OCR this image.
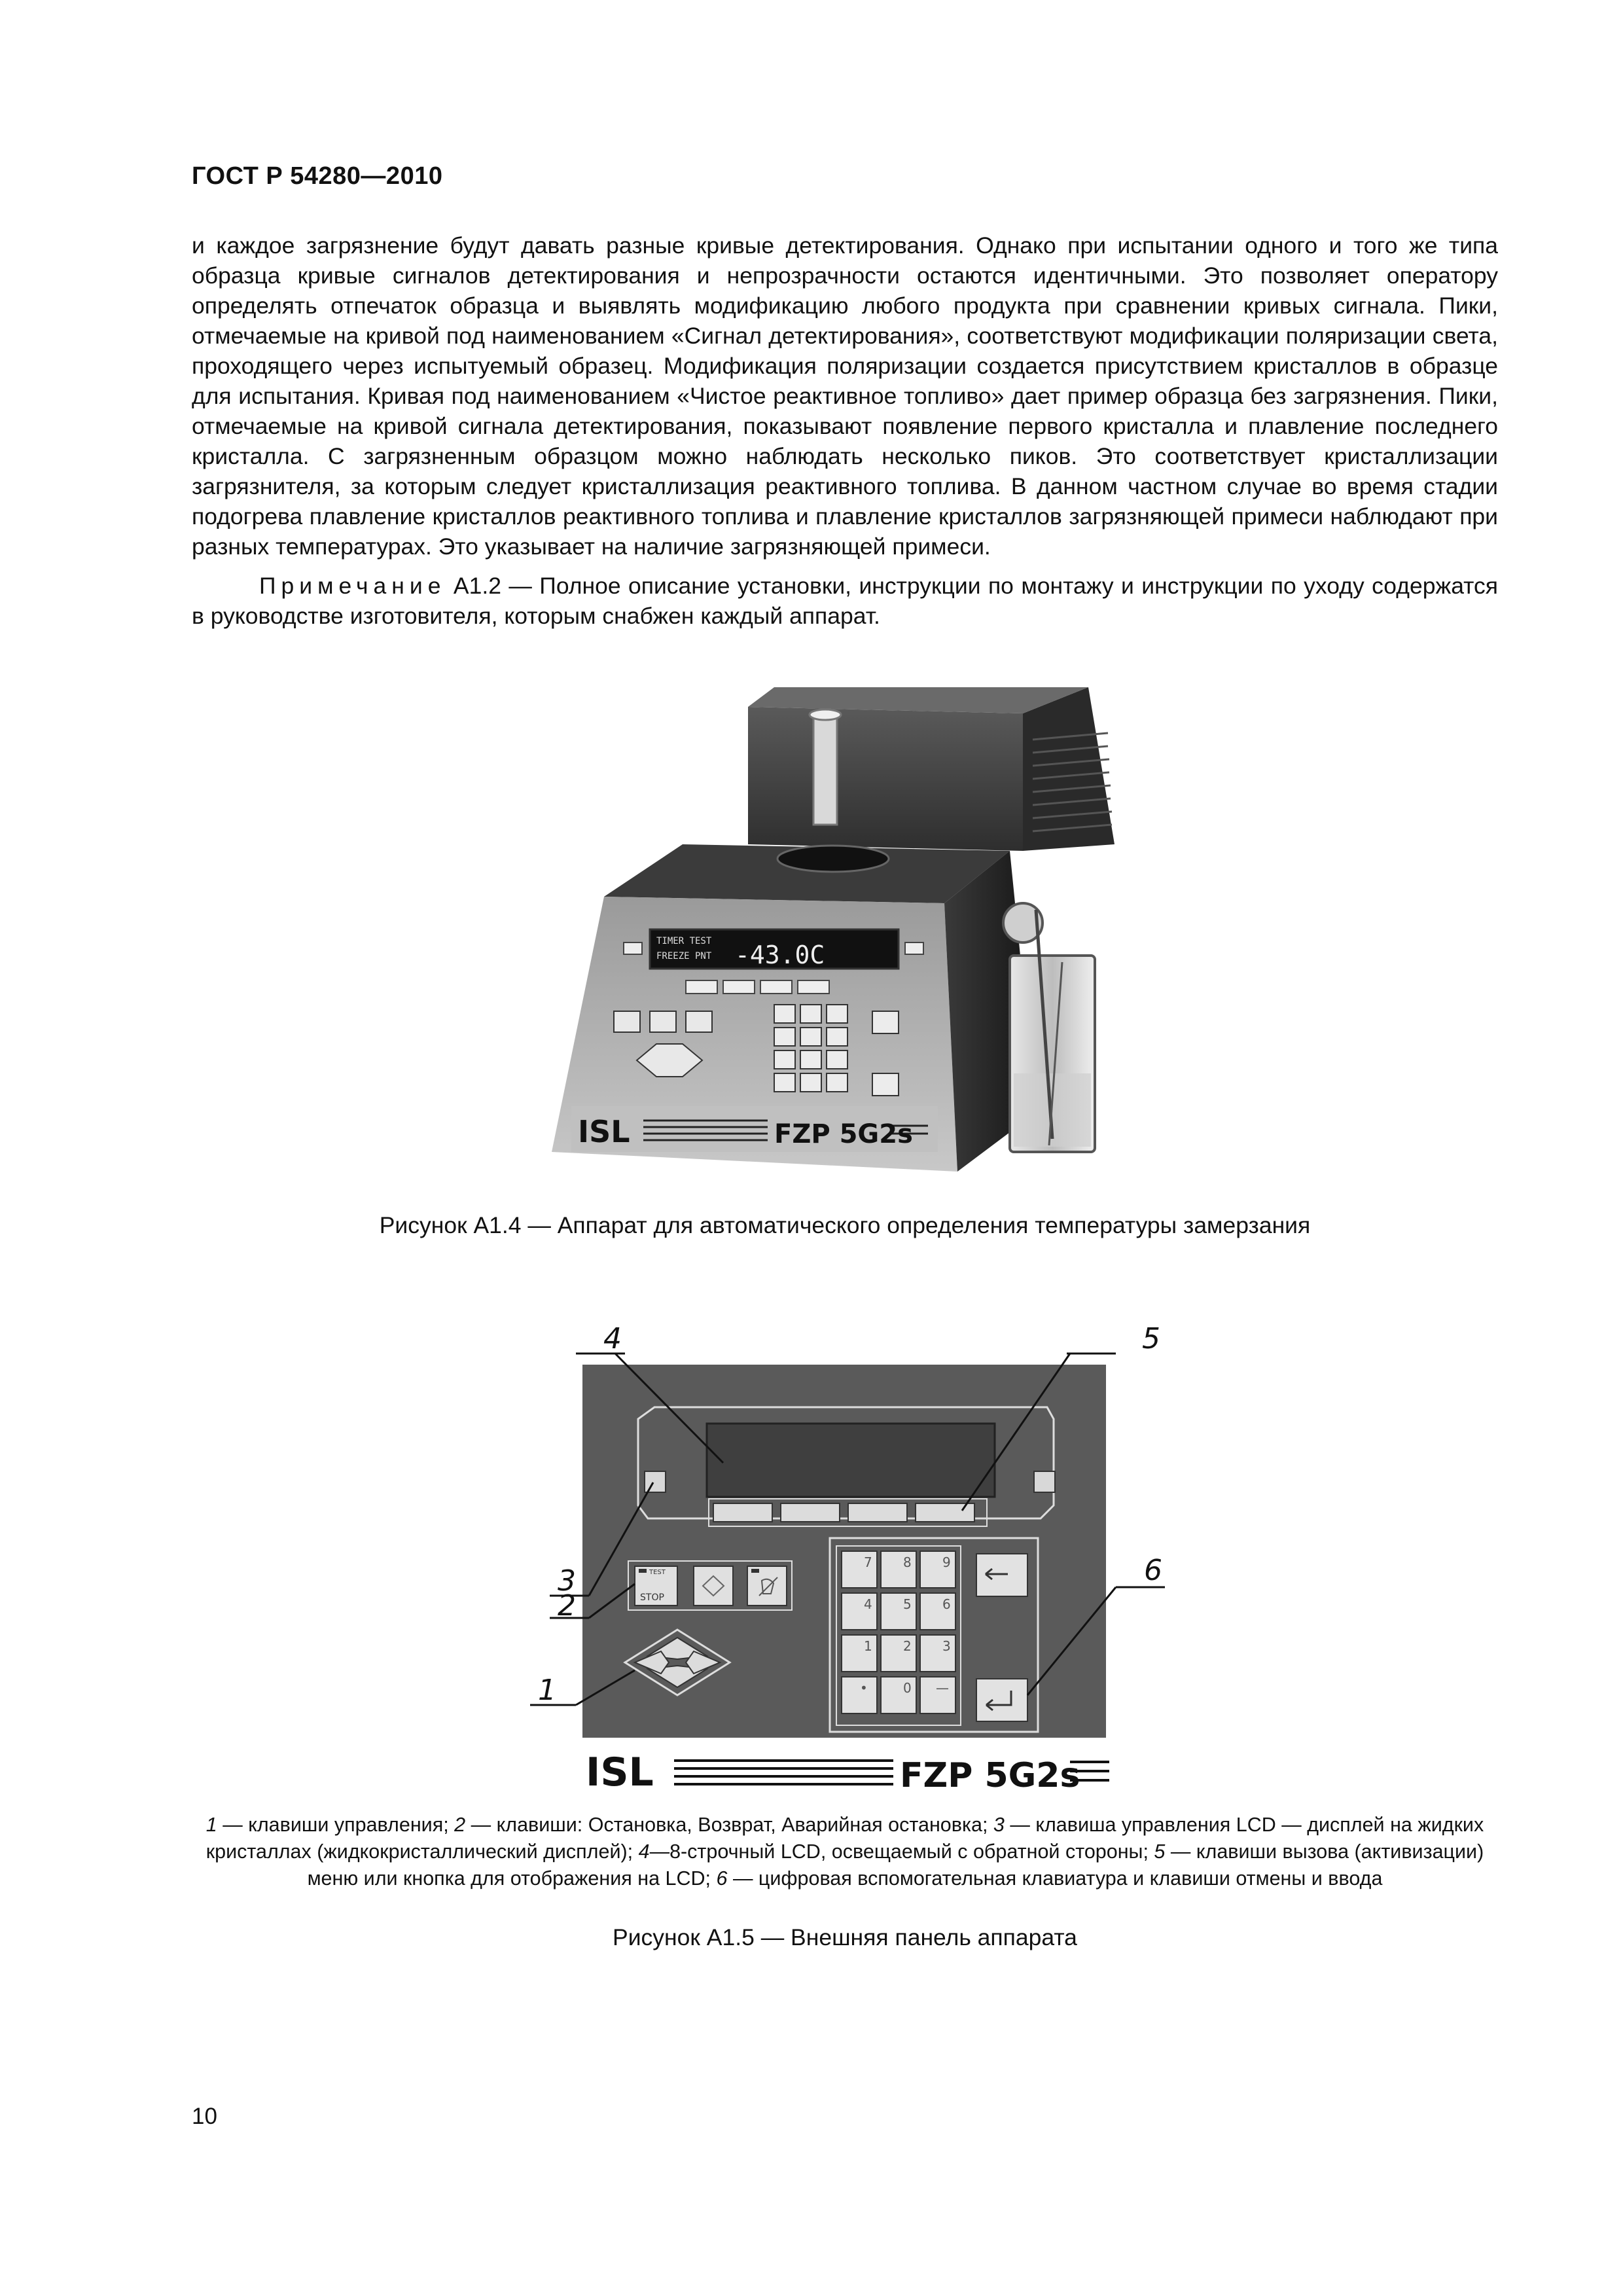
ГОСТ Р 54280—2010

и каждое загрязнение будут давать разные кривые детектирования. Однако при испытании одного и того же типа образца кривые сигналов детектирования и непрозрачности остаются идентичными. Это позволяет оператору определять отпечаток образца и выявлять модификацию любого продукта при сравнении кривых сигнала. Пики, отмечаемые на кривой под наименованием «Сигнал детектирования», соответствуют модификации поляризации света, проходящего через испытуемый образец. Модификация поляризации создается присутствием кристаллов в образце для испытания. Кривая под наименованием «Чистое реактивное топливо» дает пример образца без загрязнения. Пики, отмечаемые на кривой сигнала детектирования, показывают появление первого кристалла и плавление последнего кристалла. С загрязненным образцом можно наблюдать несколько пиков. Это соответствует кристаллизации загрязнителя, за которым следует кристаллизация реактивного топлива. В данном частном случае во время стадии подогрева плавление кристаллов реактивного топлива и плавление кристаллов загрязняющей примеси наблюдают при разных температурах. Это указывает на наличие загрязняющей примеси.

Примечание А1.2 — Полное описание установки, инструкции по монтажу и инструкции по уходу содержатся в руководстве изготовителя, которым снабжен каждый аппарат.

TIMER TEST
FREEZE PNT -43.0C
ISL	FZP 5G2s
Рисунок А1.4 — Аппарат для автоматического определения температуры замерзания
TEST
STOP
7 8 9
4 5 6
1 2 3
•	0 —
4	5
3
2
6
1
ISL	FZP 5G2s
1 — клавиши управления; 2 — клавиши: Остановка, Возврат, Аварийная остановка; 3 — клавиша управления LCD — дисплей на жидких кристаллах (жидкокристаллический дисплей); 4—8-строчный LCD, освещаемый с обратной стороны; 5 — клавиши вызова (активизации) меню или кнопка для отображения на LCD; 6 — цифровая вспомогательная клавиатура и клавиши отмены и ввода
Рисунок А1.5 — Внешняя панель аппарата
10
